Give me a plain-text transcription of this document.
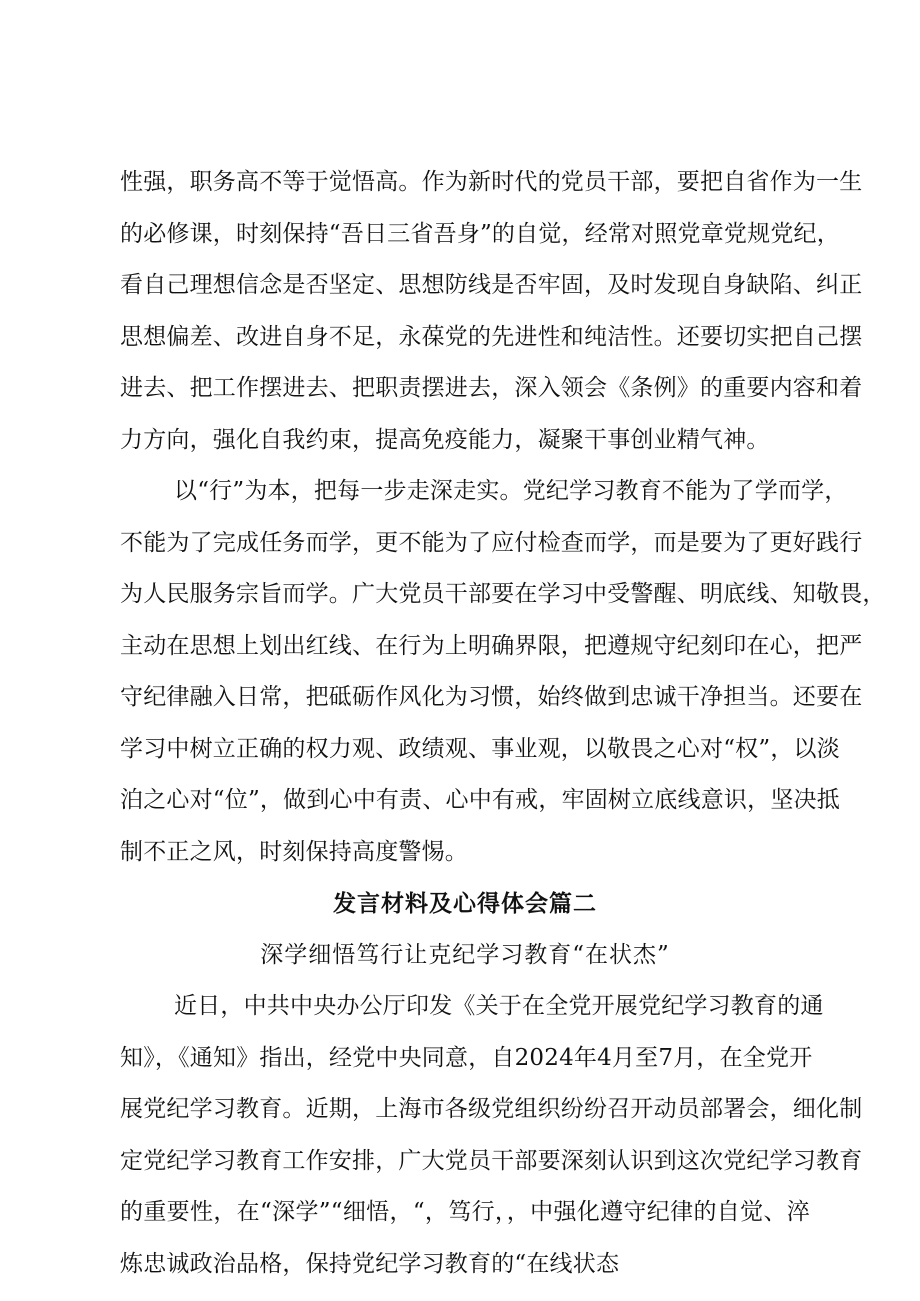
性强，职务高不等于觉悟高。作为新时代的党员干部，要把自省作为一生
的必修课，时刻保持“吾日三省吾身”的自觉，经常对照党章党规党纪，
看自己理想信念是否坚定、思想防线是否牢固，及时发现自身缺陷、纠正
思想偏差、改进自身不足，永葆党的先进性和纯洁性。还要切实把自己摆
进去、把工作摆进去、把职责摆进去，深入领会《条例》的重要内容和着
力方向，强化自我约束，提高免疫能力，凝聚干事创业精气神。
以“行”为本，把每一步走深走实。党纪学习教育不能为了学而学，
不能为了完成任务而学，更不能为了应付检查而学，而是要为了更好践行
为人民服务宗旨而学。广大党员干部要在学习中受警醒、明底线、知敬畏，
主动在思想上划出红线、在行为上明确界限，把遵规守纪刻印在心，把严
守纪律融入日常，把砥砺作风化为习惯，始终做到忠诚干净担当。还要在
学习中树立正确的权力观、政绩观、事业观，以敬畏之心对“权”，以淡
泊之心对“位”，做到心中有责、心中有戒，牢固树立底线意识，坚决抵
制不正之风，时刻保持高度警惕。
发言材料及心得体会篇二
深学细悟笃行让克纪学习教育“在状杰”
近日，中共中央办公厅印发《关于在全党开展党纪学习教育的通
知》，《通知》指出，经党中央同意，自2024年4月至7月，在全党开
展党纪学习教育。近期，上海市各级党组织纷纷召开动员部署会，细化制
定党纪学习教育工作安排，广大党员干部要深刻认识到这次党纪学习教育
的重要性，在“深学”“细悟，“，笃行，，中强化遵守纪律的自觉、淬
炼忠诚政治品格，保持党纪学习教育的“在线状态
